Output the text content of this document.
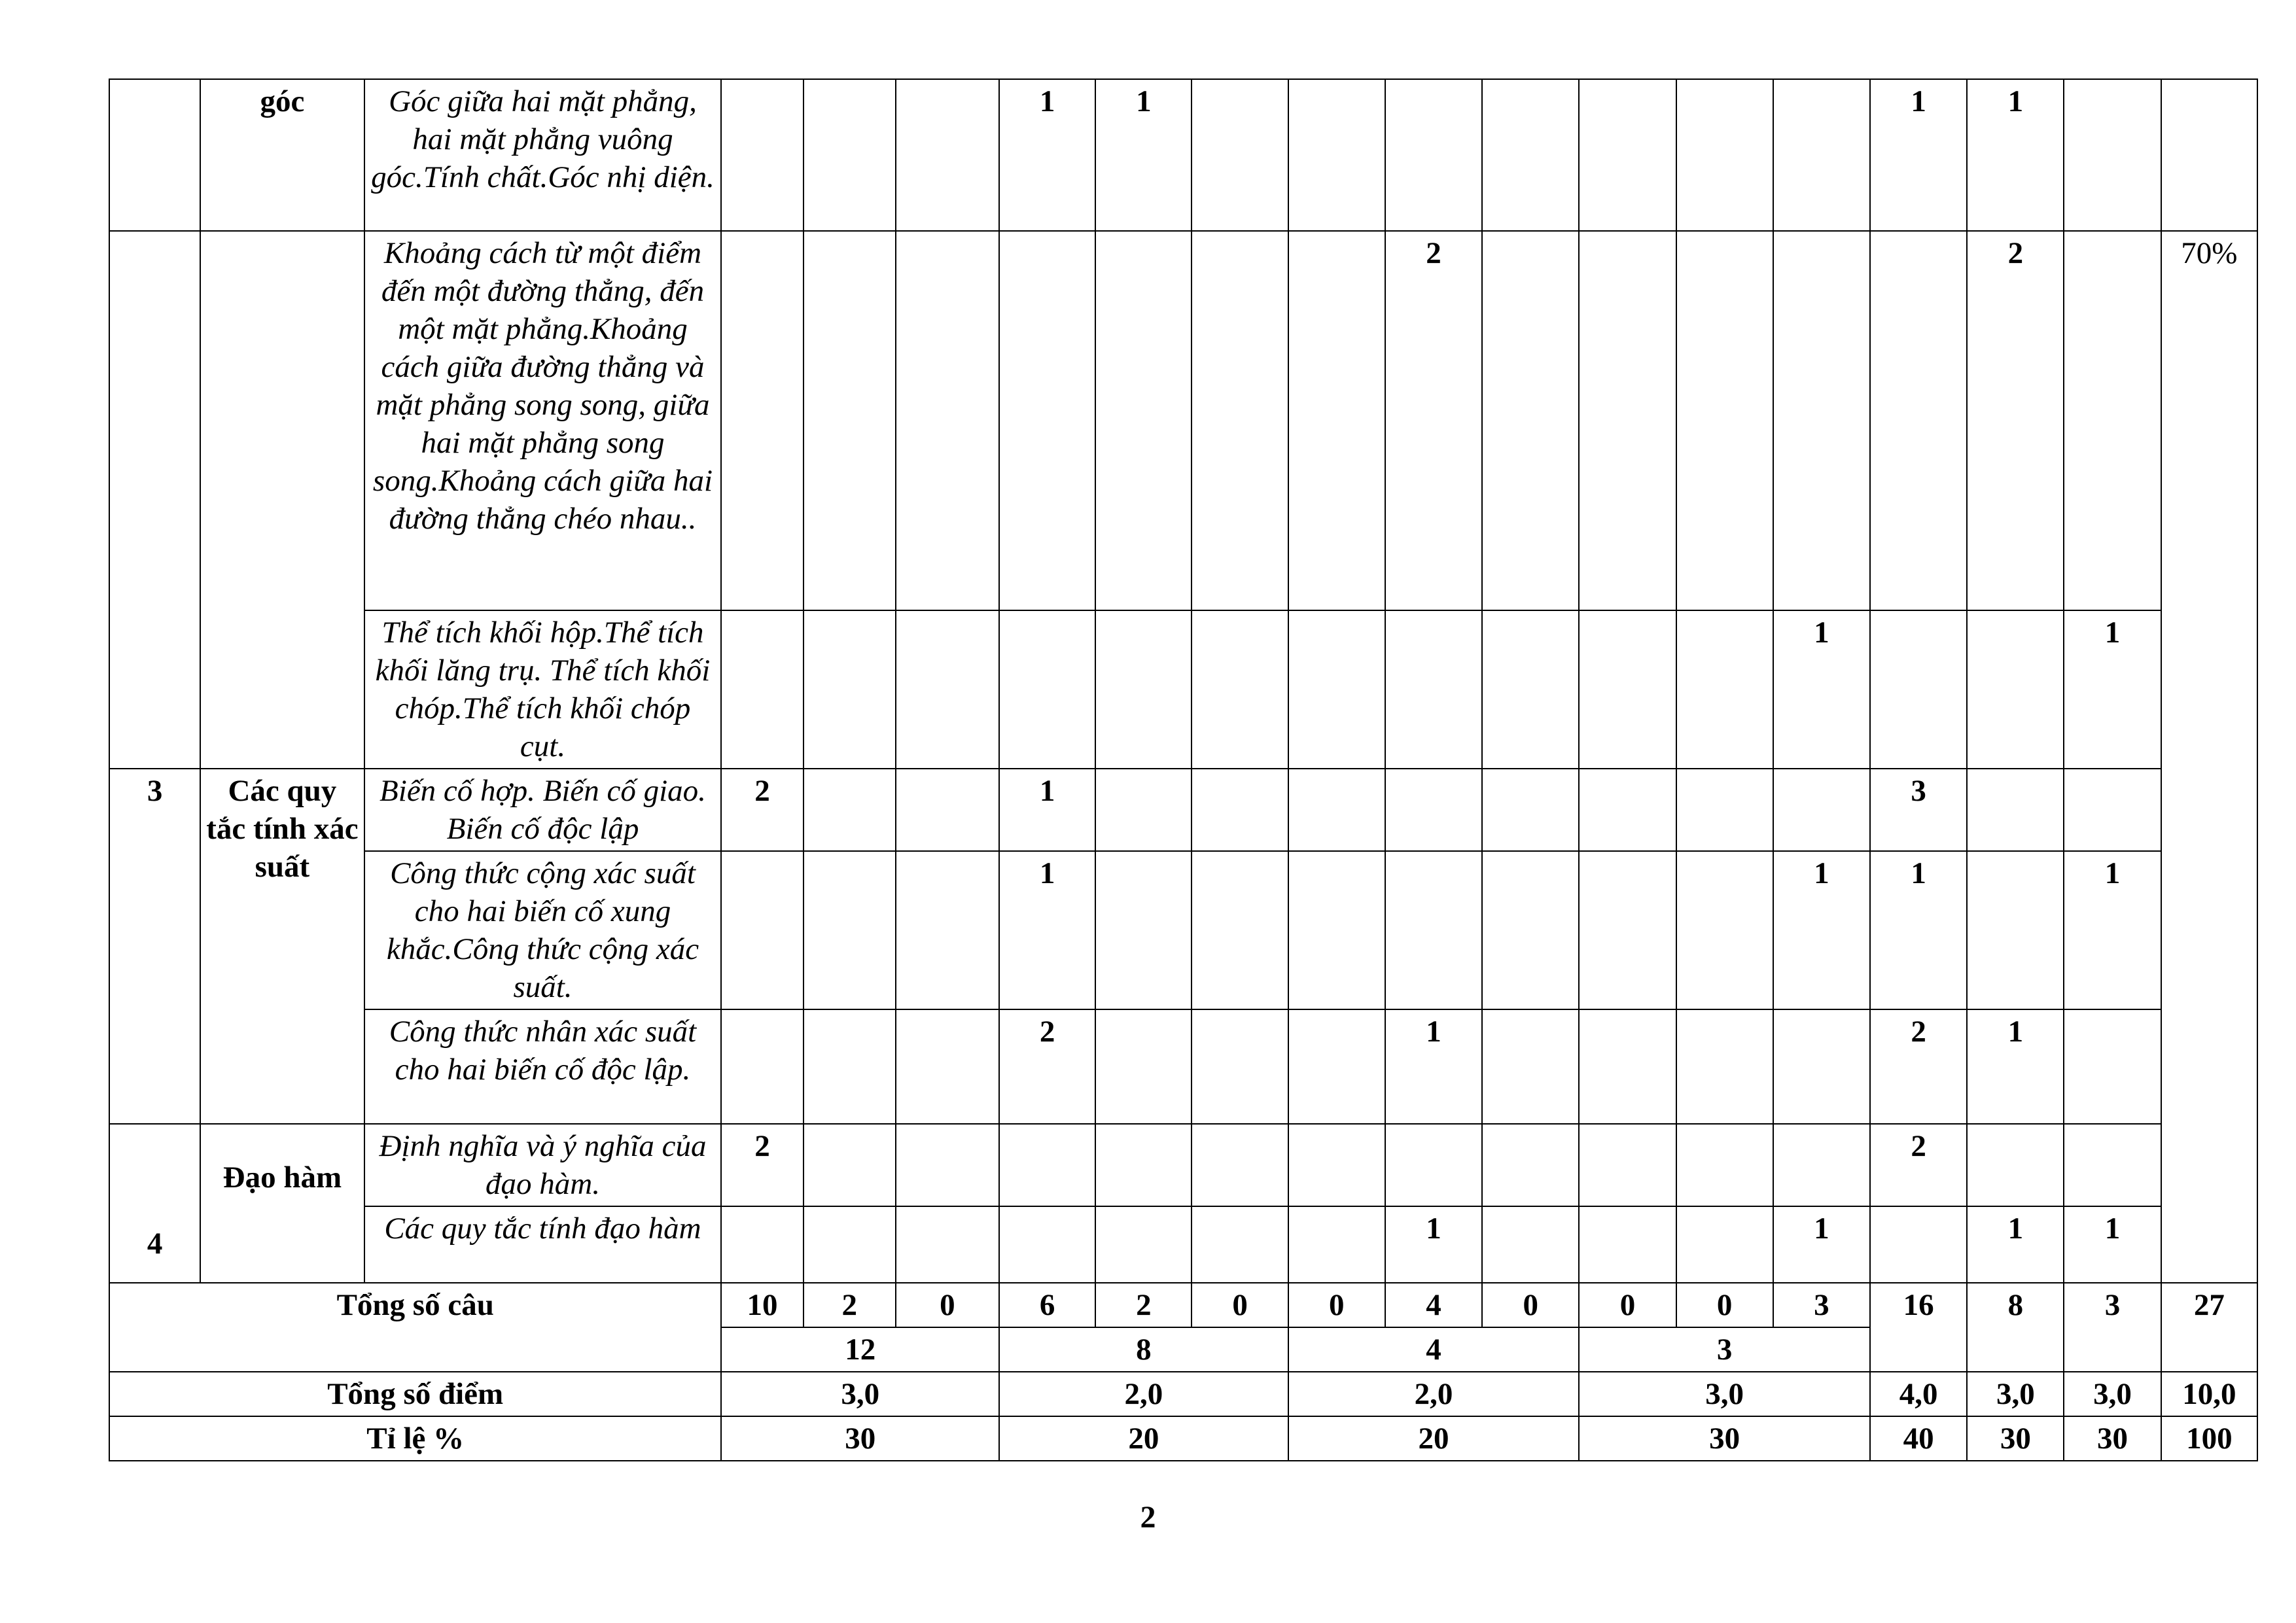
	góc	Góc giữa hai mặt phẳng, hai mặt phẳng vuông góc.Tính chất.Góc nhị diện.				1	1								1	1		
		Khoảng cách từ một điểm đến một đường thẳng, đến một mặt phẳng.Khoảng cách giữa đường thẳng và mặt phẳng song song, giữa hai mặt phẳng song song.Khoảng cách giữa hai đường thẳng chéo nhau..								2						2		70%
		Thể tích khối hộp.Thể tích khối lăng trụ. Thể tích khối chóp.Thể tích khối chóp cụt.												1			1	
3	Các quy tắc tính xác suất	Biến cố hợp. Biến cố giao. Biến cố độc lập	2			1									3			
		Công thức cộng xác suất cho hai biến cố xung khắc.Công thức cộng xác suất.				1								1	1		1	
		Công thức nhân xác suất cho hai biến cố độc lập.				2				1					2	1		
4	Đạo hàm	Định nghĩa và ý nghĩa của đạo hàm.	2												2			
		Các quy tắc tính đạo hàm								1				1		1	1	
Tổng số câu			10	2	0	6	2	0	0	4	0	0	0	3	16	8	3	27
			12			8			4			3						
Tổng số điểm			3,0			2,0			2,0			3,0			4,0	3,0	3,0	10,0
Tỉ lệ %			30			20			20			30			40	30	30	100
2
